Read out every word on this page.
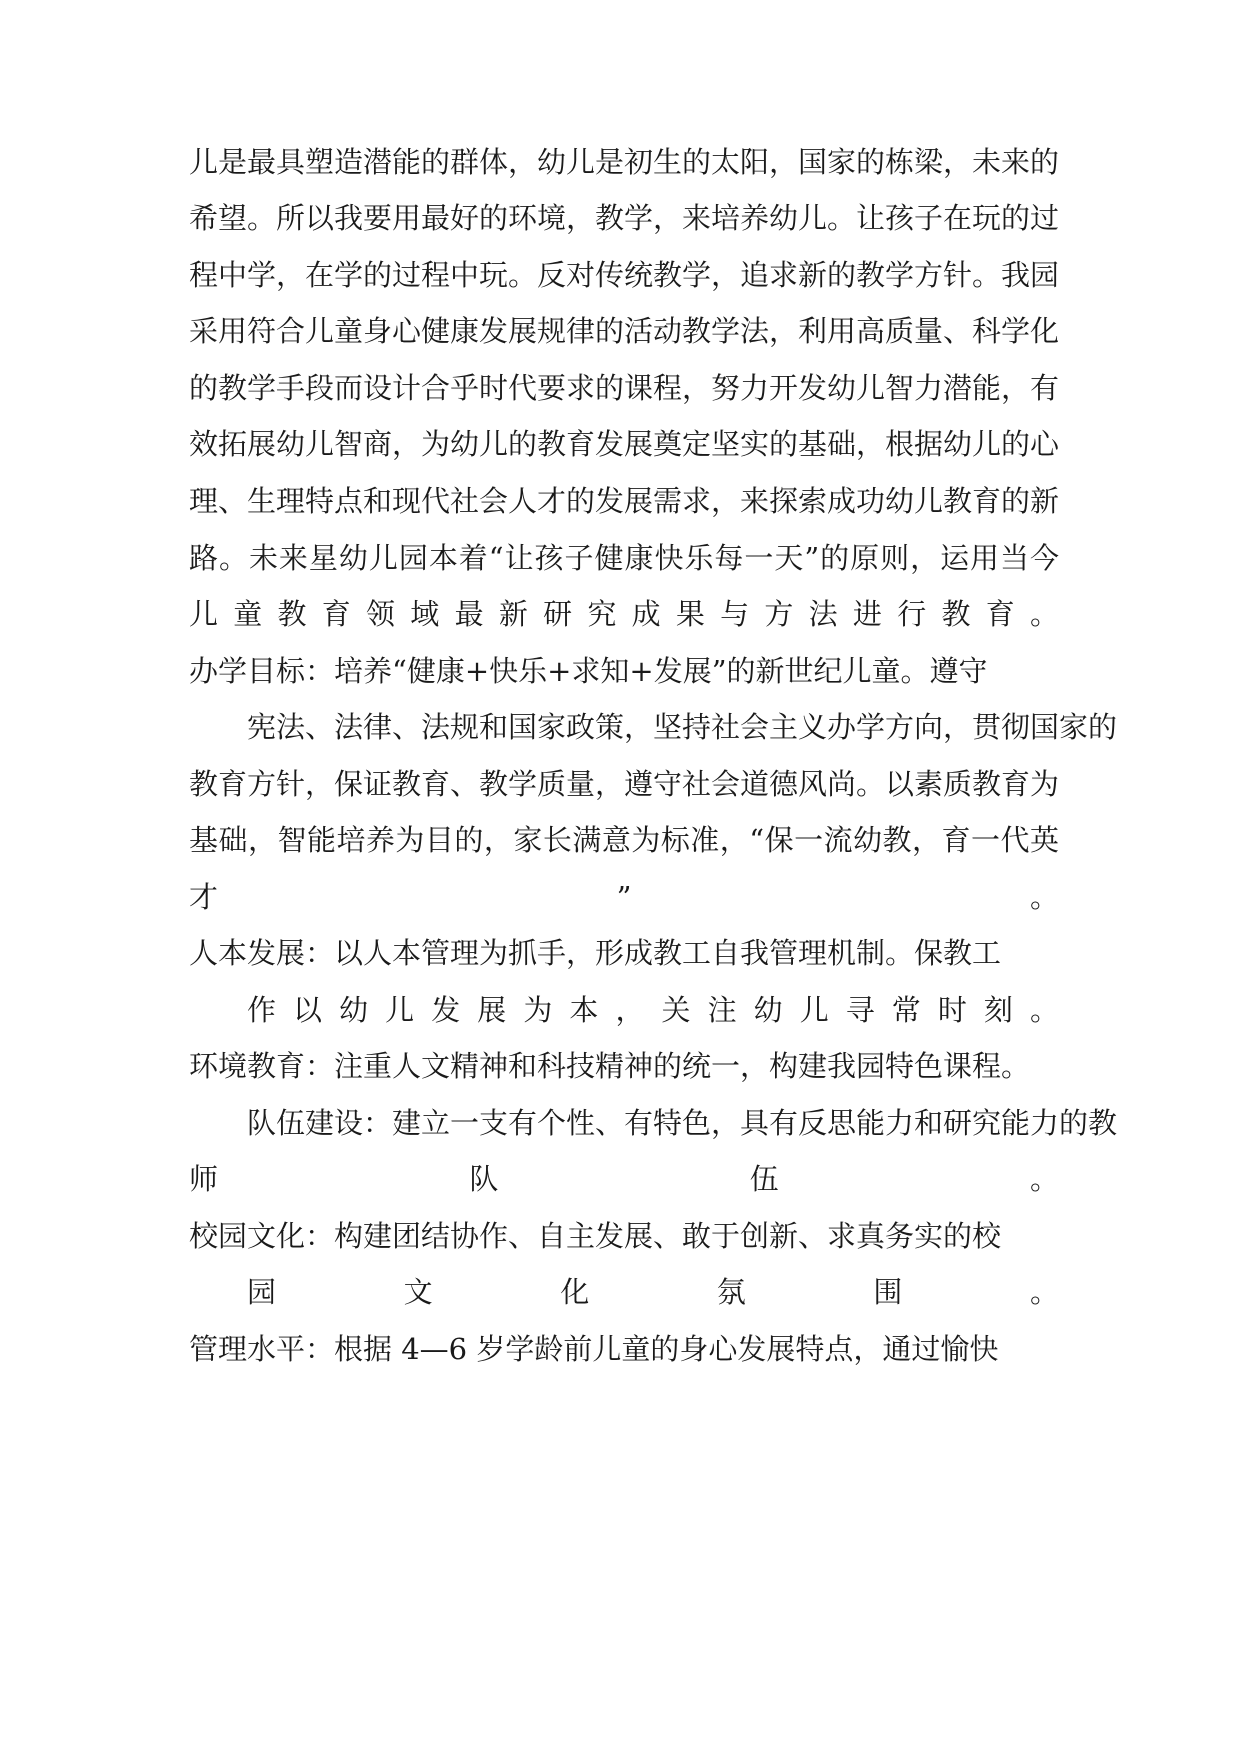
儿是最具塑造潜能的群体，幼儿是初生的太阳，国家的栋梁，未来的
希望。所以我要用最好的环境，教学，来培养幼儿。让孩子在玩的过
程中学，在学的过程中玩。反对传统教学，追求新的教学方针。我园
采用符合儿童身心健康发展规律的活动教学法，利用高质量、科学化
的教学手段而设计合乎时代要求的课程，努力开发幼儿智力潜能，有
效拓展幼儿智商，为幼儿的教育发展奠定坚实的基础，根据幼儿的心
理、生理特点和现代社会人才的发展需求，来探索成功幼儿教育的新
路。未来星幼儿园本着“让孩子健康快乐每一天”的原则，运用当今
儿童教育领域最新研究成果与方法进行教育。
办学目标：培养“健康+快乐+求知+发展”的新世纪儿童。遵守
宪法、法律、法规和国家政策，坚持社会主义办学方向，贯彻国家的
教育方针，保证教育、教学质量，遵守社会道德风尚。以素质教育为
基础，智能培养为目的，家长满意为标准，“保一流幼教，育一代英
才”。
人本发展：以人本管理为抓手，形成教工自我管理机制。保教工
作以幼儿发展为本，关注幼儿寻常时刻。
环境教育：注重人文精神和科技精神的统一，构建我园特色课程。
队伍建设：建立一支有个性、有特色，具有反思能力和研究能力的教
师队伍。
校园文化：构建团结协作、自主发展、敢于创新、求真务实的校
园文化氛围。
管理水平：根据 4—6 岁学龄前儿童的身心发展特点，通过愉快
